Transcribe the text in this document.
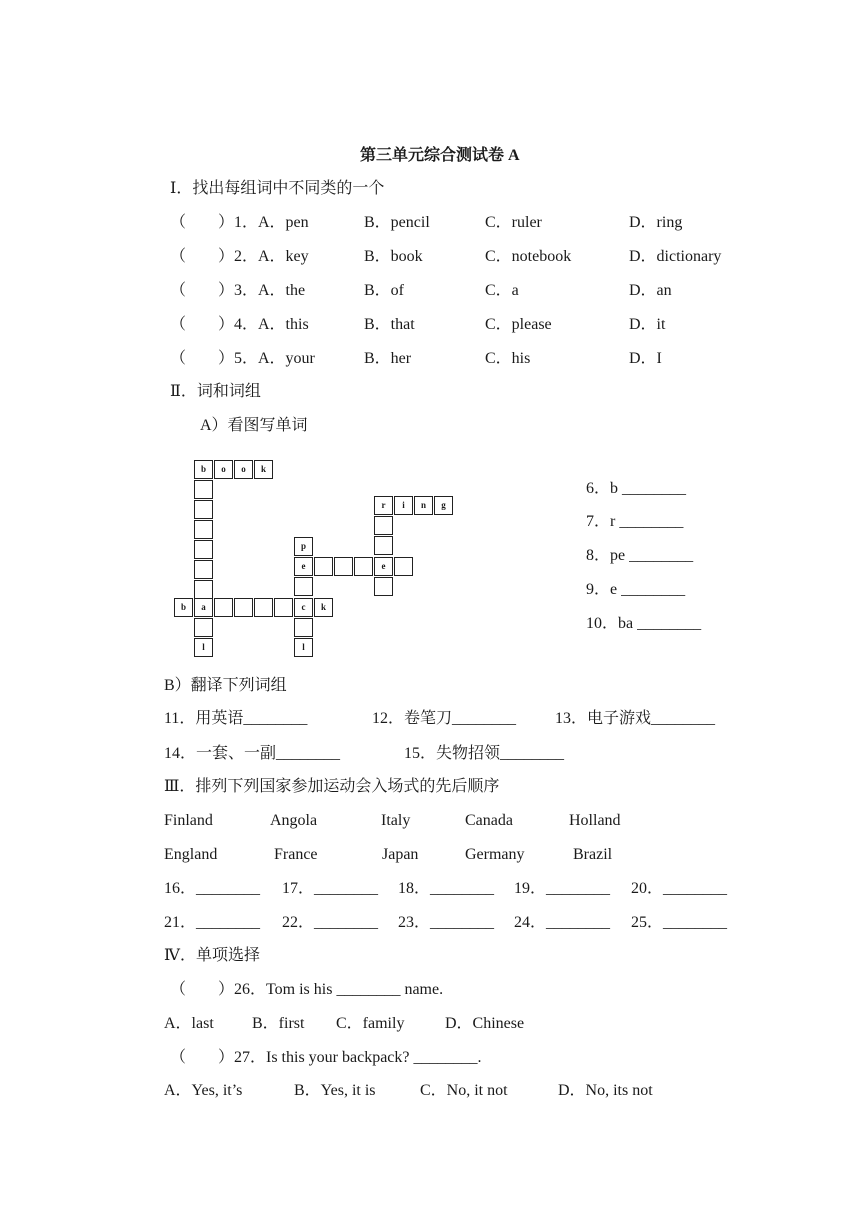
第三单元综合测试卷 A
Ⅰ．找出每组词中不同类的一个
（　　）1．A．pen	B．pencil	C．ruler	D．ring
（　　）2．A．key	B．book	C．notebook	D．dictionary
（　　）3．A．the	B．of	C．a	D．an
（　　）4．A．this	B．that	C．please	D．it
（　　）5．A．your	B．her	C．his	D．I
Ⅱ．词和词组
A）看图写单词
b	o	o	k
b	a	c	k
l
p
e
l
e
r	i	n	g
6．b ________
7．r ________
8．pe ________
9．e ________
10．ba ________
B）翻译下列词组
11．用英语________	12．卷笔刀________ 13．电子游戏________
14．一套、一副________	15．失物招领________
Ⅲ．排列下列国家参加运动会入场式的先后顺序
Finland	Angola	Italy	Canada	Holland
England	France	Japan	Germany	Brazil
16．________ 17．________ 18．________ 19．________ 20．________
21．________ 22．________ 23．________ 24．________ 25．________
Ⅳ．单项选择
（　　）26．Tom is his ________ name.
A．last B．first C．family	D．Chinese
（　　）27．Is this your backpack? ________.
A．Yes, it’s	B．Yes, it is	C．No, it not	D．No, its not
